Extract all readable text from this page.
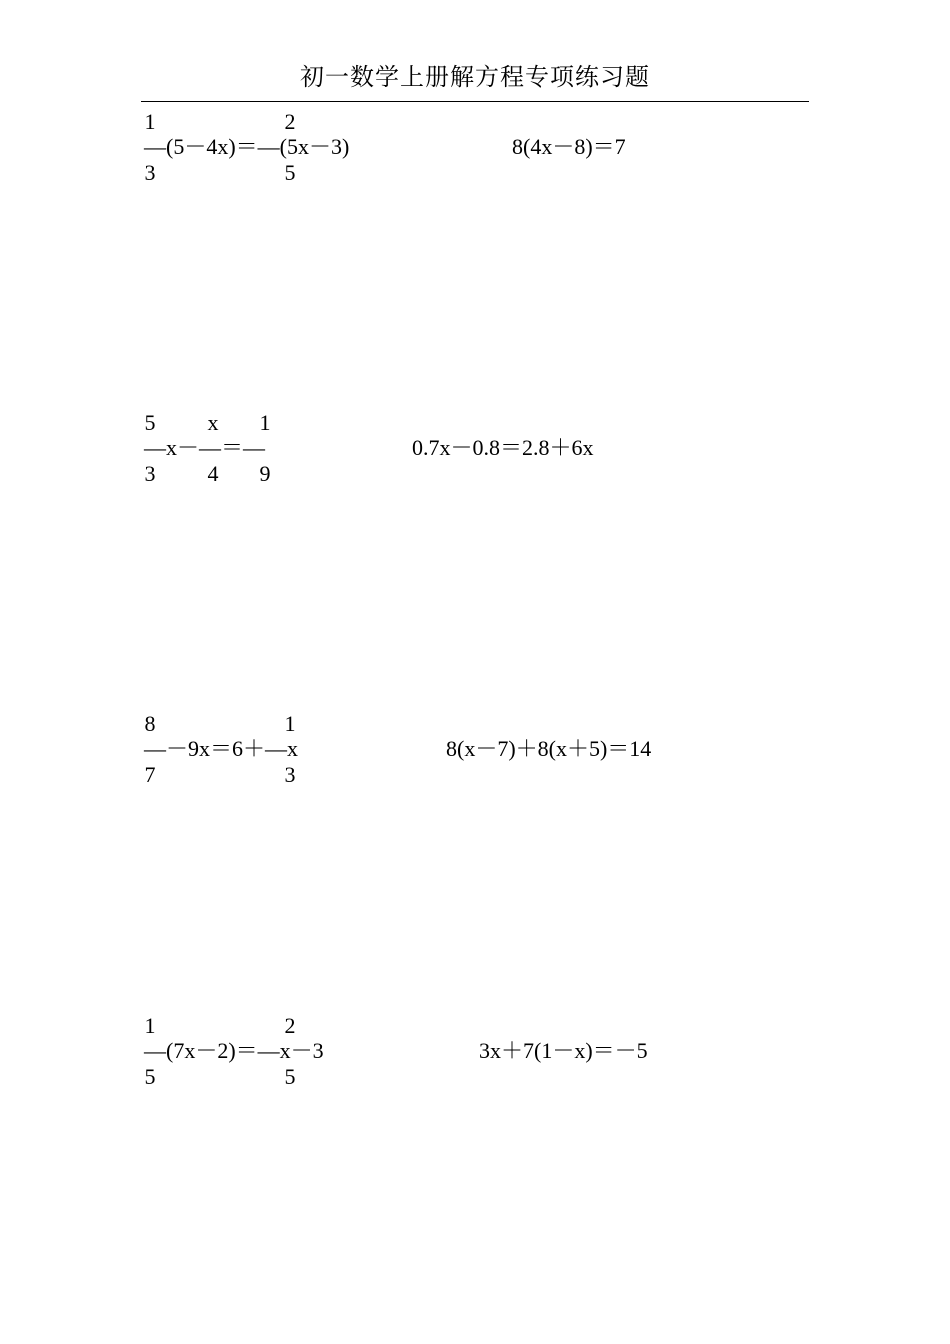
初一数学上册解方程专项练习题
1	2
—(5－4x)＝—(5x－3)
3	5
8(4x－8)＝7
5 x 1
—x－—＝—
3 4 9
0.7x－0.8＝2.8＋6x
8	1
—－9x＝6＋—x
7	3
8(x－7)＋8(x＋5)＝14
1	2
—(7x－2)＝—x－3
5	5
3x＋7(1－x)＝－5
